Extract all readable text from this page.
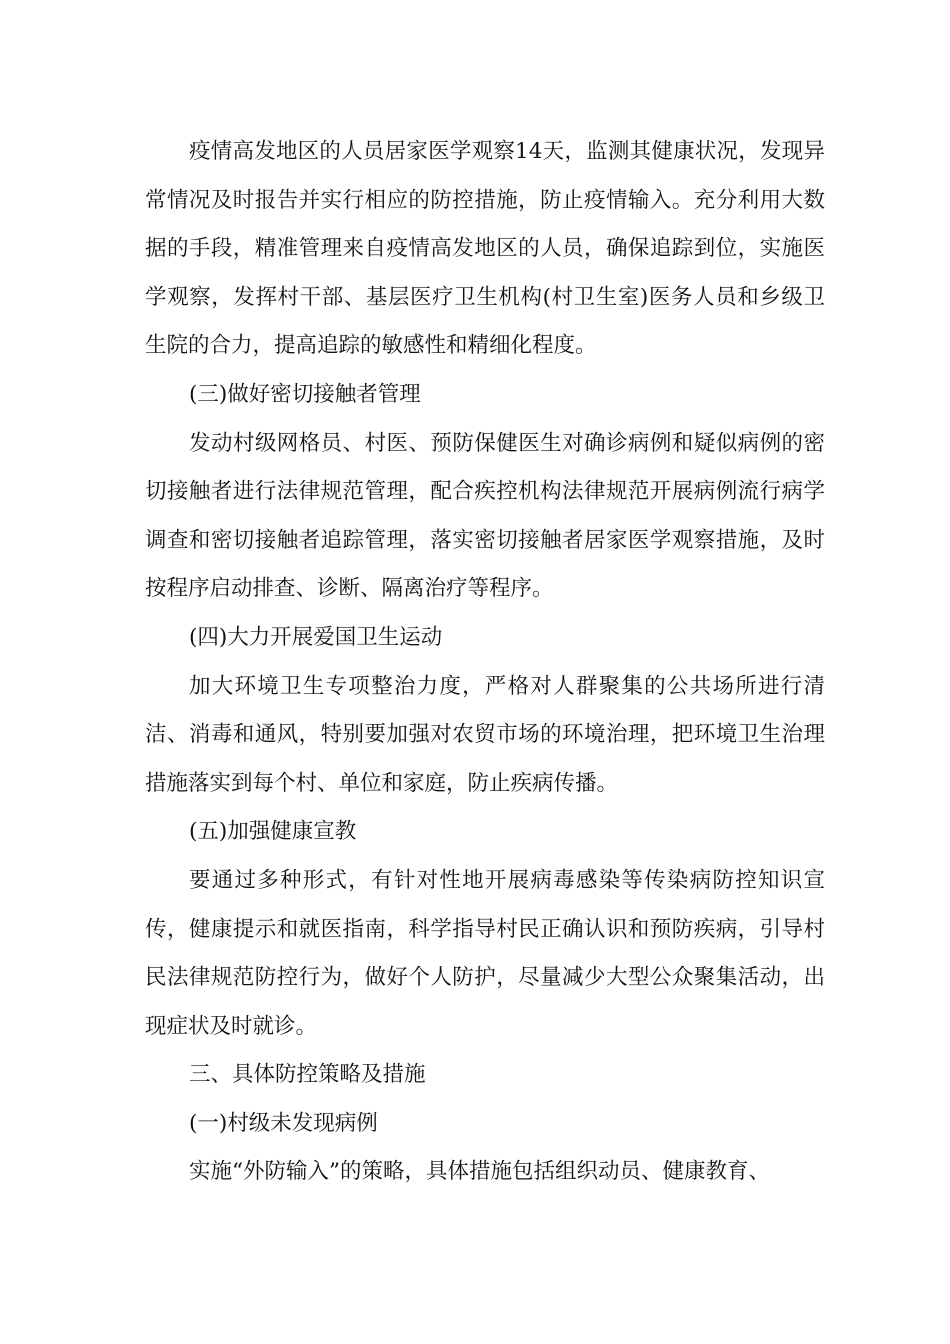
疫情高发地区的人员居家医学观察14天，监测其健康状况，发现异常情况及时报告并实行相应的防控措施，防止疫情输入。充分利用大数据的手段，精准管理来自疫情高发地区的人员，确保追踪到位，实施医学观察，发挥村干部、基层医疗卫生机构(村卫生室)医务人员和乡级卫生院的合力，提高追踪的敏感性和精细化程度。

(三)做好密切接触者管理

发动村级网格员、村医、预防保健医生对确诊病例和疑似病例的密切接触者进行法律规范管理，配合疾控机构法律规范开展病例流行病学调查和密切接触者追踪管理，落实密切接触者居家医学观察措施，及时按程序启动排查、诊断、隔离治疗等程序。

(四)大力开展爱国卫生运动

加大环境卫生专项整治力度，严格对人群聚集的公共场所进行清洁、消毒和通风，特别要加强对农贸市场的环境治理，把环境卫生治理措施落实到每个村、单位和家庭，防止疾病传播。

(五)加强健康宣教

要通过多种形式，有针对性地开展病毒感染等传染病防控知识宣传，健康提示和就医指南，科学指导村民正确认识和预防疾病，引导村民法律规范防控行为，做好个人防护，尽量减少大型公众聚集活动，出现症状及时就诊。

三、具体防控策略及措施

(一)村级未发现病例

实施“外防输入”的策略，具体措施包括组织动员、健康教育、
